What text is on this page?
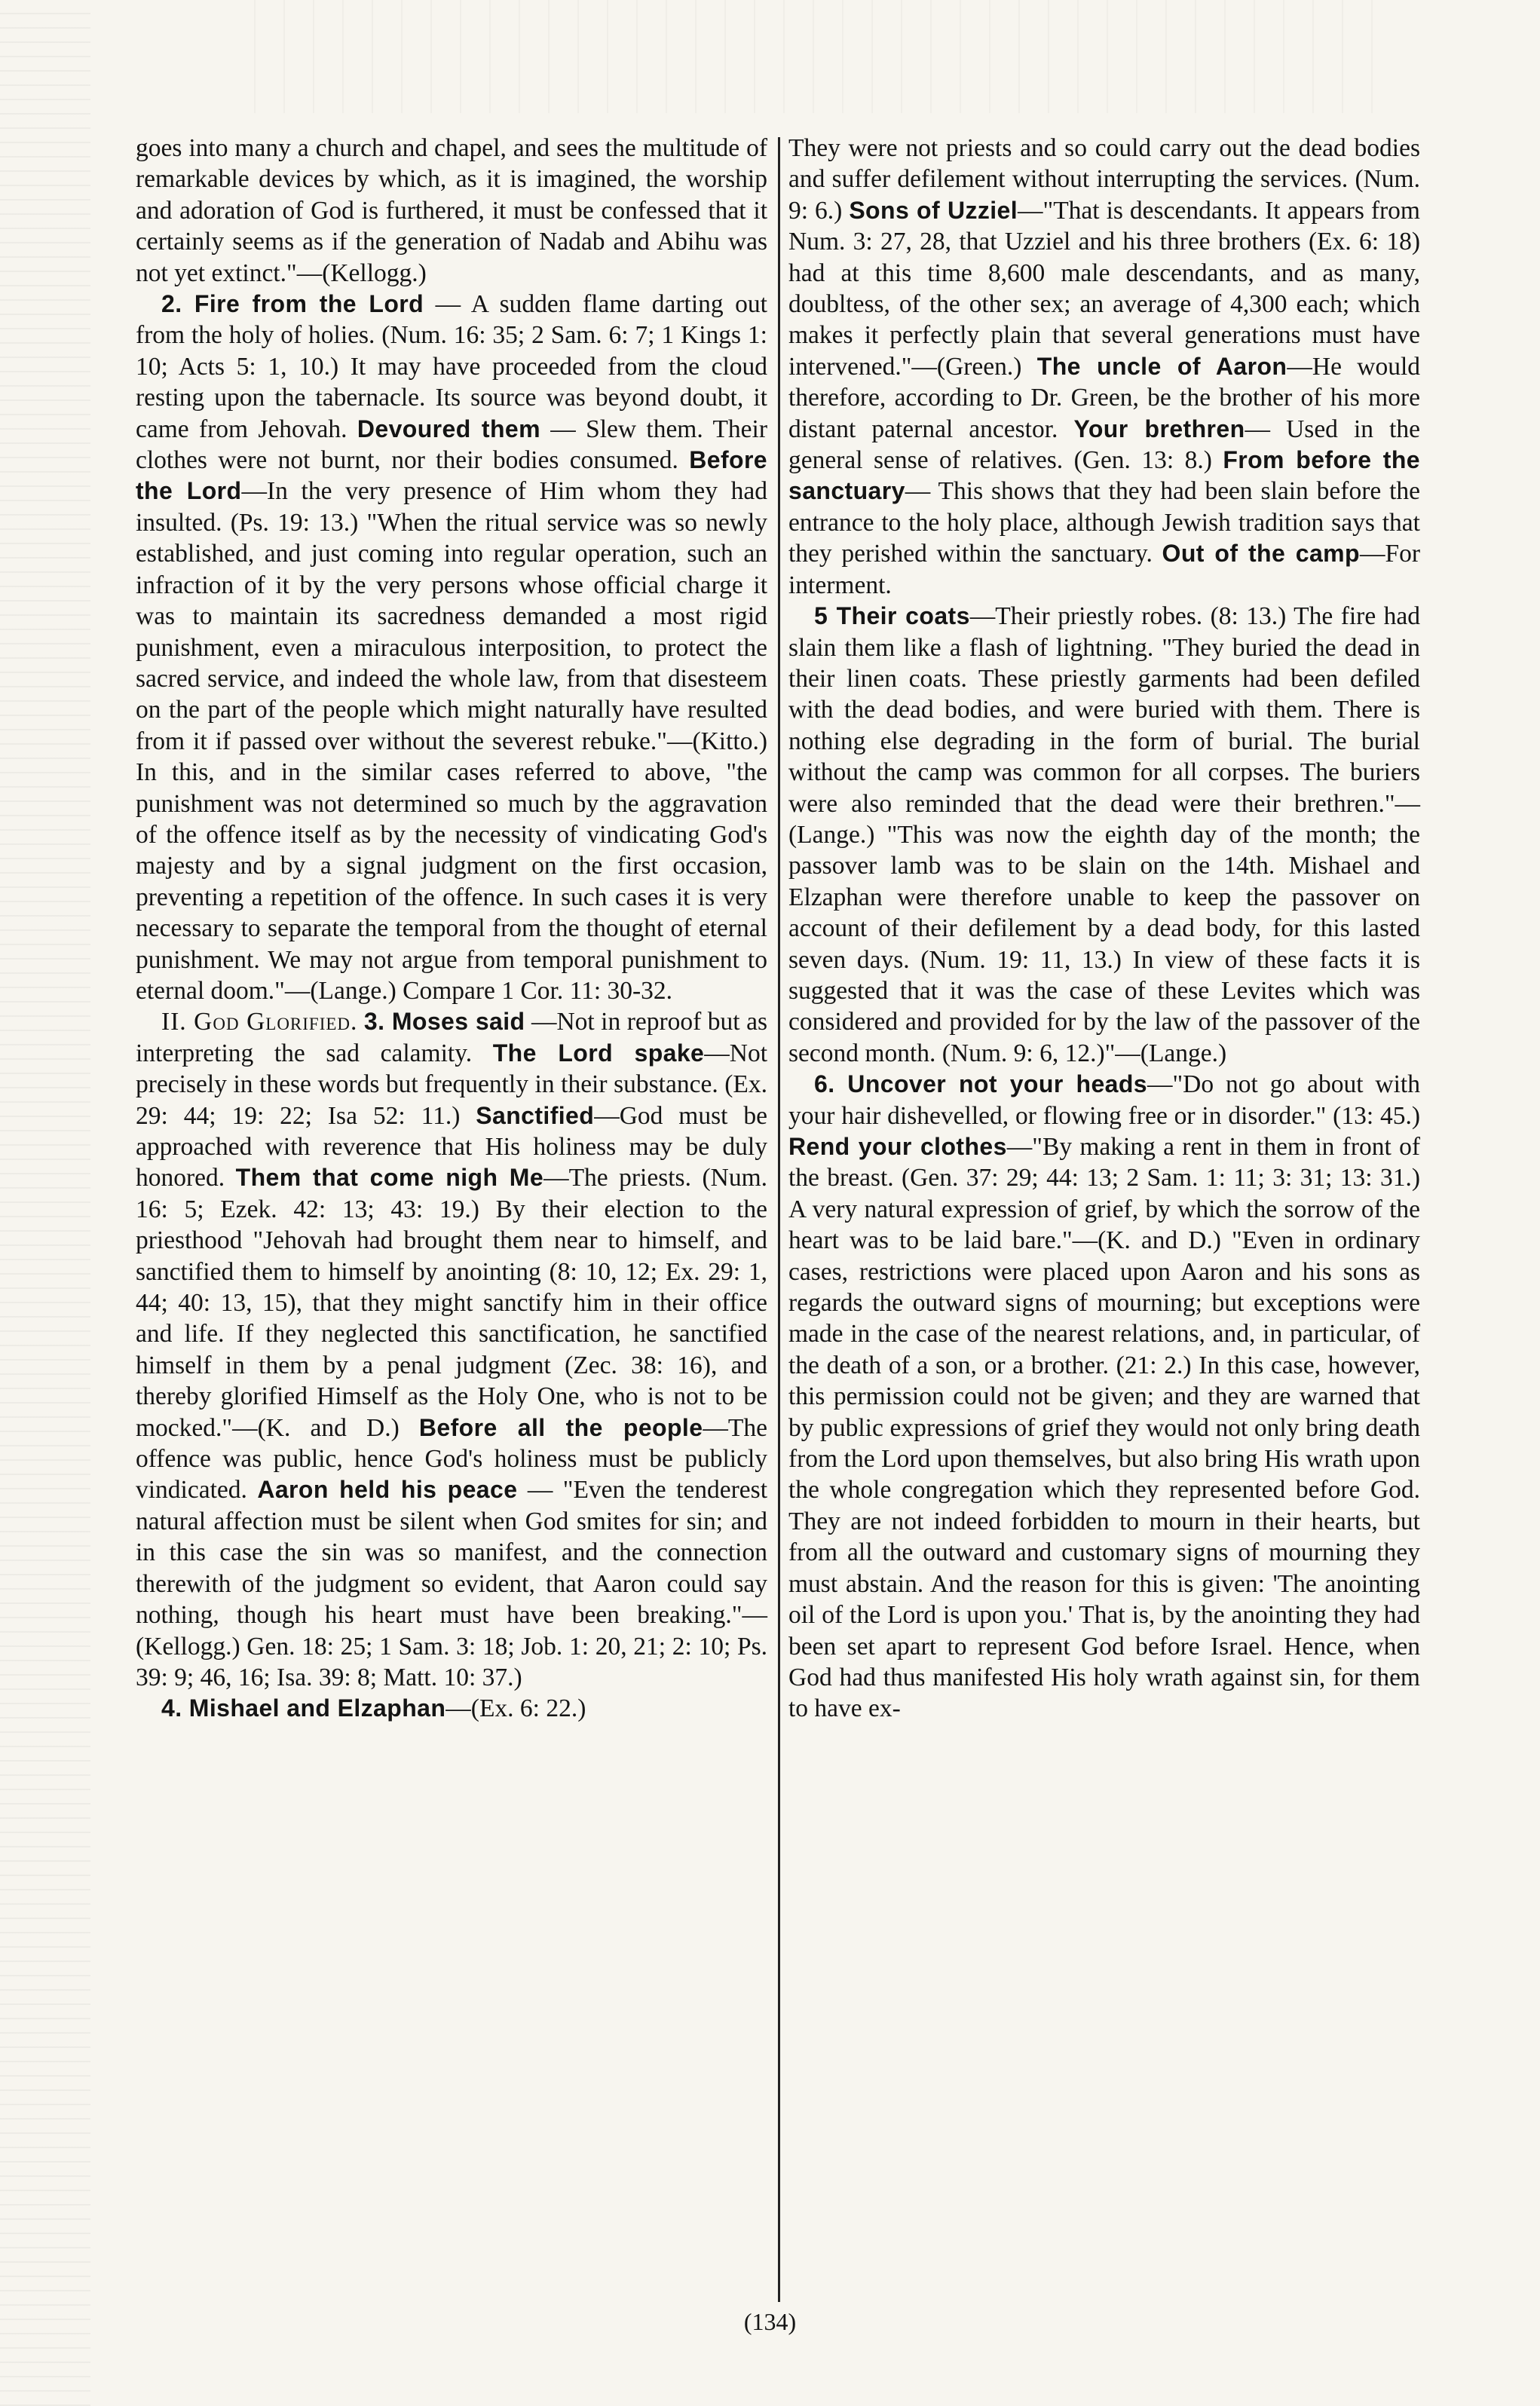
goes into many a church and chapel, and sees the multitude of remarkable devices by which, as it is imagined, the worship and adoration of God is furthered, it must be confessed that it certainly seems as if the generation of Nadab and Abihu was not yet extinct."—(Kellogg.)

2. Fire from the Lord — A sudden flame darting out from the holy of holies. (Num. 16: 35; 2 Sam. 6: 7; 1 Kings 1: 10; Acts 5: 1, 10.) It may have proceeded from the cloud resting upon the tabernacle. Its source was beyond doubt, it came from Jehovah. Devoured them — Slew them. Their clothes were not burnt, nor their bodies consumed. Before the Lord—In the very presence of Him whom they had insulted. (Ps. 19: 13.) "When the ritual service was so newly established, and just coming into regular operation, such an infraction of it by the very persons whose official charge it was to maintain its sacredness demanded a most rigid punishment, even a miraculous interposition, to protect the sacred service, and indeed the whole law, from that disesteem on the part of the people which might naturally have resulted from it if passed over without the severest rebuke."—(Kitto.) In this, and in the similar cases referred to above, "the punishment was not determined so much by the aggravation of the offence itself as by the necessity of vindicating God's majesty and by a signal judgment on the first occasion, preventing a repetition of the offence. In such cases it is very necessary to separate the temporal from the thought of eternal punishment. We may not argue from temporal punishment to eternal doom."—(Lange.) Compare 1 Cor. 11: 30-32.

II. God Glorified. 3. Moses said —Not in reproof but as interpreting the sad calamity. The Lord spake—Not precisely in these words but frequently in their substance. (Ex. 29: 44; 19: 22; Isa 52: 11.) Sanctified—God must be approached with reverence that His holiness may be duly honored. Them that come nigh Me—The priests. (Num. 16: 5; Ezek. 42: 13; 43: 19.) By their election to the priesthood "Jehovah had brought them near to himself, and sanctified them to himself by anointing (8: 10, 12; Ex. 29: 1, 44; 40: 13, 15), that they might sanctify him in their office and life. If they neglected this sanctification, he sanctified himself in them by a penal judgment (Zec. 38: 16), and thereby glorified Himself as the Holy One, who is not to be mocked."—(K. and D.) Before all the people—The offence was public, hence God's holiness must be publicly vindicated. Aaron held his peace — "Even the tenderest natural affection must be silent when God smites for sin; and in this case the sin was so manifest, and the connection therewith of the judgment so evident, that Aaron could say nothing, though his heart must have been breaking."—(Kellogg.) Gen. 18: 25; 1 Sam. 3: 18; Job. 1: 20, 21; 2: 10; Ps. 39: 9; 46, 16; Isa. 39: 8; Matt. 10: 37.)

4. Mishael and Elzaphan—(Ex. 6: 22.)

They were not priests and so could carry out the dead bodies and suffer defilement without interrupting the services. (Num. 9: 6.) Sons of Uzziel—"That is descendants. It appears from Num. 3: 27, 28, that Uzziel and his three brothers (Ex. 6: 18) had at this time 8,600 male descendants, and as many, doubltess, of the other sex; an average of 4,300 each; which makes it perfectly plain that several generations must have intervened."—(Green.) The uncle of Aaron—He would therefore, according to Dr. Green, be the brother of his more distant paternal ancestor. Your brethren— Used in the general sense of relatives. (Gen. 13: 8.) From before the sanctuary— This shows that they had been slain before the entrance to the holy place, although Jewish tradition says that they perished within the sanctuary. Out of the camp—For interment.

5 Their coats—Their priestly robes. (8: 13.) The fire had slain them like a flash of lightning. "They buried the dead in their linen coats. These priestly garments had been defiled with the dead bodies, and were buried with them. There is nothing else degrading in the form of burial. The burial without the camp was common for all corpses. The buriers were also reminded that the dead were their brethren."—(Lange.) "This was now the eighth day of the month; the passover lamb was to be slain on the 14th. Mishael and Elzaphan were therefore unable to keep the passover on account of their defilement by a dead body, for this lasted seven days. (Num. 19: 11, 13.) In view of these facts it is suggested that it was the case of these Levites which was considered and provided for by the law of the passover of the second month. (Num. 9: 6, 12.)"—(Lange.)

6. Uncover not your heads—"Do not go about with your hair dishevelled, or flowing free or in disorder." (13: 45.) Rend your clothes—"By making a rent in them in front of the breast. (Gen. 37: 29; 44: 13; 2 Sam. 1: 11; 3: 31; 13: 31.) A very natural expression of grief, by which the sorrow of the heart was to be laid bare."—(K. and D.) "Even in ordinary cases, restrictions were placed upon Aaron and his sons as regards the outward signs of mourning; but exceptions were made in the case of the nearest relations, and, in particular, of the death of a son, or a brother. (21: 2.) In this case, however, this permission could not be given; and they are warned that by public expressions of grief they would not only bring death from the Lord upon themselves, but also bring His wrath upon the whole congregation which they represented before God. They are not indeed forbidden to mourn in their hearts, but from all the outward and customary signs of mourning they must abstain. And the reason for this is given: 'The anointing oil of the Lord is upon you.' That is, by the anointing they had been set apart to represent God before Israel. Hence, when God had thus manifested His holy wrath against sin, for them to have ex-

(134)
